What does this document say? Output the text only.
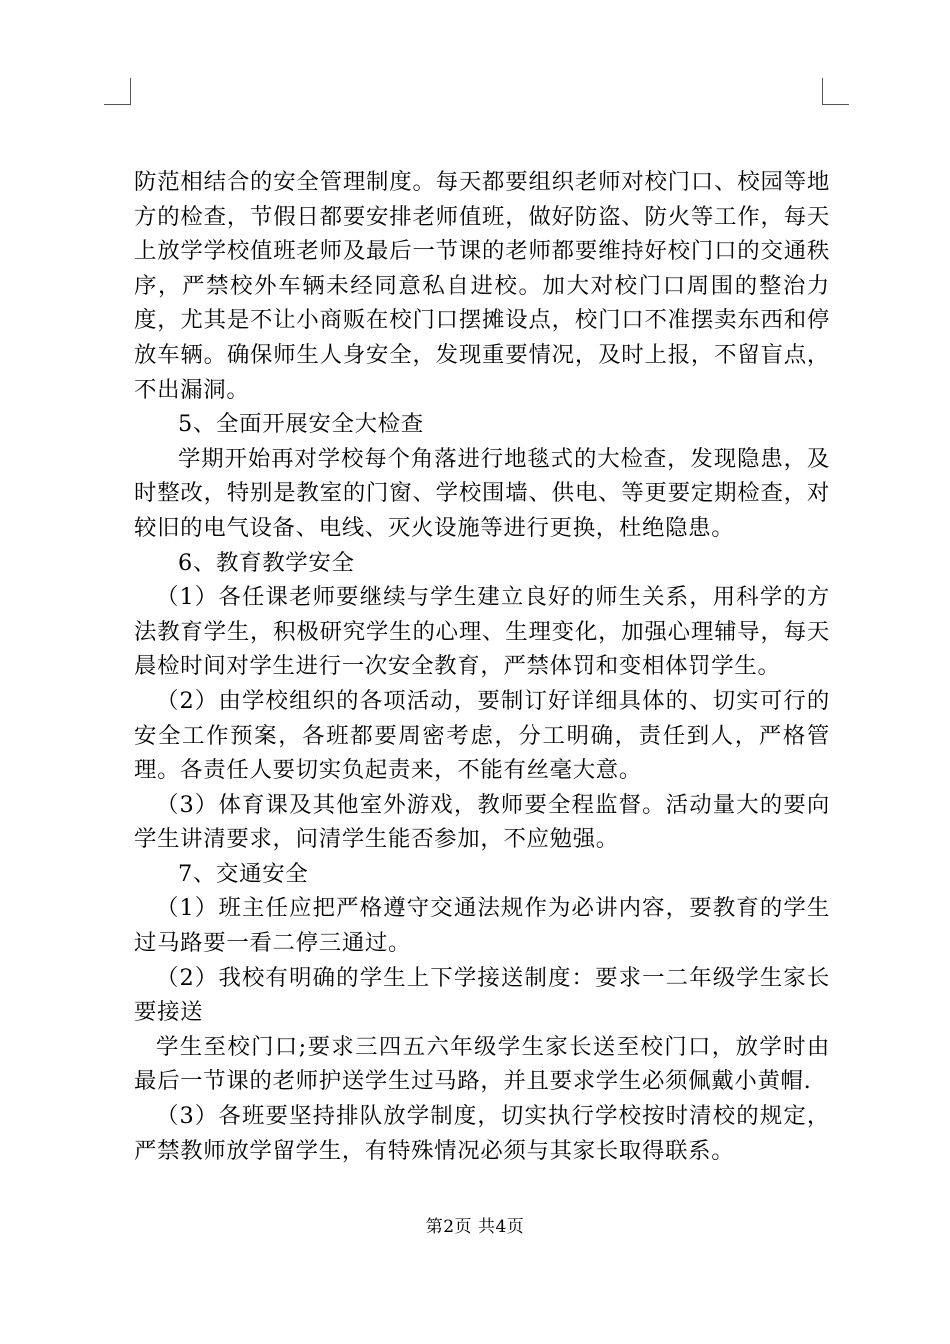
防范相结合的安全管理制度。每天都要组织老师对校门口、校园等地方的检查，节假日都要安排老师值班，做好防盗、防火等工作，每天上放学学校值班老师及最后一节课的老师都要维持好校门口的交通秩序，严禁校外车辆未经同意私自进校。加大对校门口周围的整治力度，尤其是不让小商贩在校门口摆摊设点，校门口不准摆卖东西和停放车辆。确保师生人身安全，发现重要情况，及时上报，不留盲点，不出漏洞。

5、全面开展安全大检查

学期开始再对学校每个角落进行地毯式的大检查，发现隐患，及时整改，特别是教室的门窗、学校围墙、供电、等更要定期检查，对较旧的电气设备、电线、灭火设施等进行更换，杜绝隐患。

6、教育教学安全

（1）各任课老师要继续与学生建立良好的师生关系，用科学的方法教育学生，积极研究学生的心理、生理变化，加强心理辅导，每天晨检时间对学生进行一次安全教育，严禁体罚和变相体罚学生。

（2）由学校组织的各项活动，要制订好详细具体的、切实可行的安全工作预案，各班都要周密考虑，分工明确，责任到人，严格管理。各责任人要切实负起责来，不能有丝毫大意。

（3）体育课及其他室外游戏，教师要全程监督。活动量大的要向学生讲清要求，问清学生能否参加，不应勉强。

7、交通安全

（1）班主任应把严格遵守交通法规作为必讲内容，要教育的学生过马路要一看二停三通过。

（2）我校有明确的学生上下学接送制度：要求一二年级学生家长要接送

学生至校门口;要求三四五六年级学生家长送至校门口，放学时由最后一节课的老师护送学生过马路，并且要求学生必须佩戴小黄帽.

（3）各班要坚持排队放学制度，切实执行学校按时清校的规定，严禁教师放学留学生，有特殊情况必须与其家长取得联系。

第2页 共4页
